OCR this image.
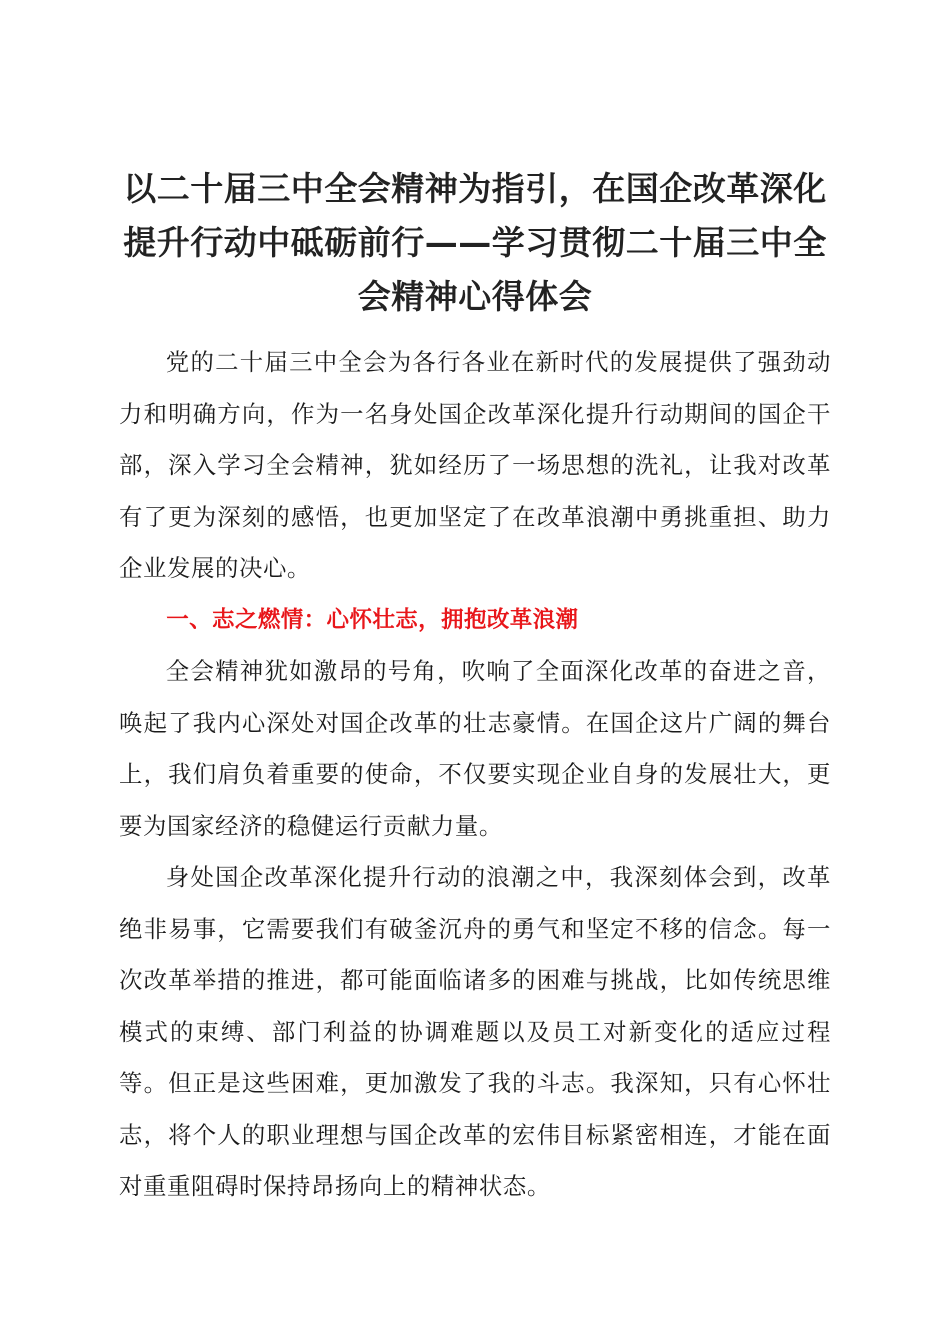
以二十届三中全会精神为指引，在国企改革深化提升行动中砥砺前行——学习贯彻二十届三中全会精神心得体会

党的二十届三中全会为各行各业在新时代的发展提供了强劲动力和明确方向，作为一名身处国企改革深化提升行动期间的国企干部，深入学习全会精神，犹如经历了一场思想的洗礼，让我对改革有了更为深刻的感悟，也更加坚定了在改革浪潮中勇挑重担、助力企业发展的决心。

一、志之燃情：心怀壮志，拥抱改革浪潮

全会精神犹如激昂的号角，吹响了全面深化改革的奋进之音，唤起了我内心深处对国企改革的壮志豪情。在国企这片广阔的舞台上，我们肩负着重要的使命，不仅要实现企业自身的发展壮大，更要为国家经济的稳健运行贡献力量。

身处国企改革深化提升行动的浪潮之中，我深刻体会到，改革绝非易事，它需要我们有破釜沉舟的勇气和坚定不移的信念。每一次改革举措的推进，都可能面临诸多的困难与挑战，比如传统思维模式的束缚、部门利益的协调难题以及员工对新变化的适应过程等。但正是这些困难，更加激发了我的斗志。我深知，只有心怀壮志，将个人的职业理想与国企改革的宏伟目标紧密相连，才能在面对重重阻碍时保持昂扬向上的精神状态。
